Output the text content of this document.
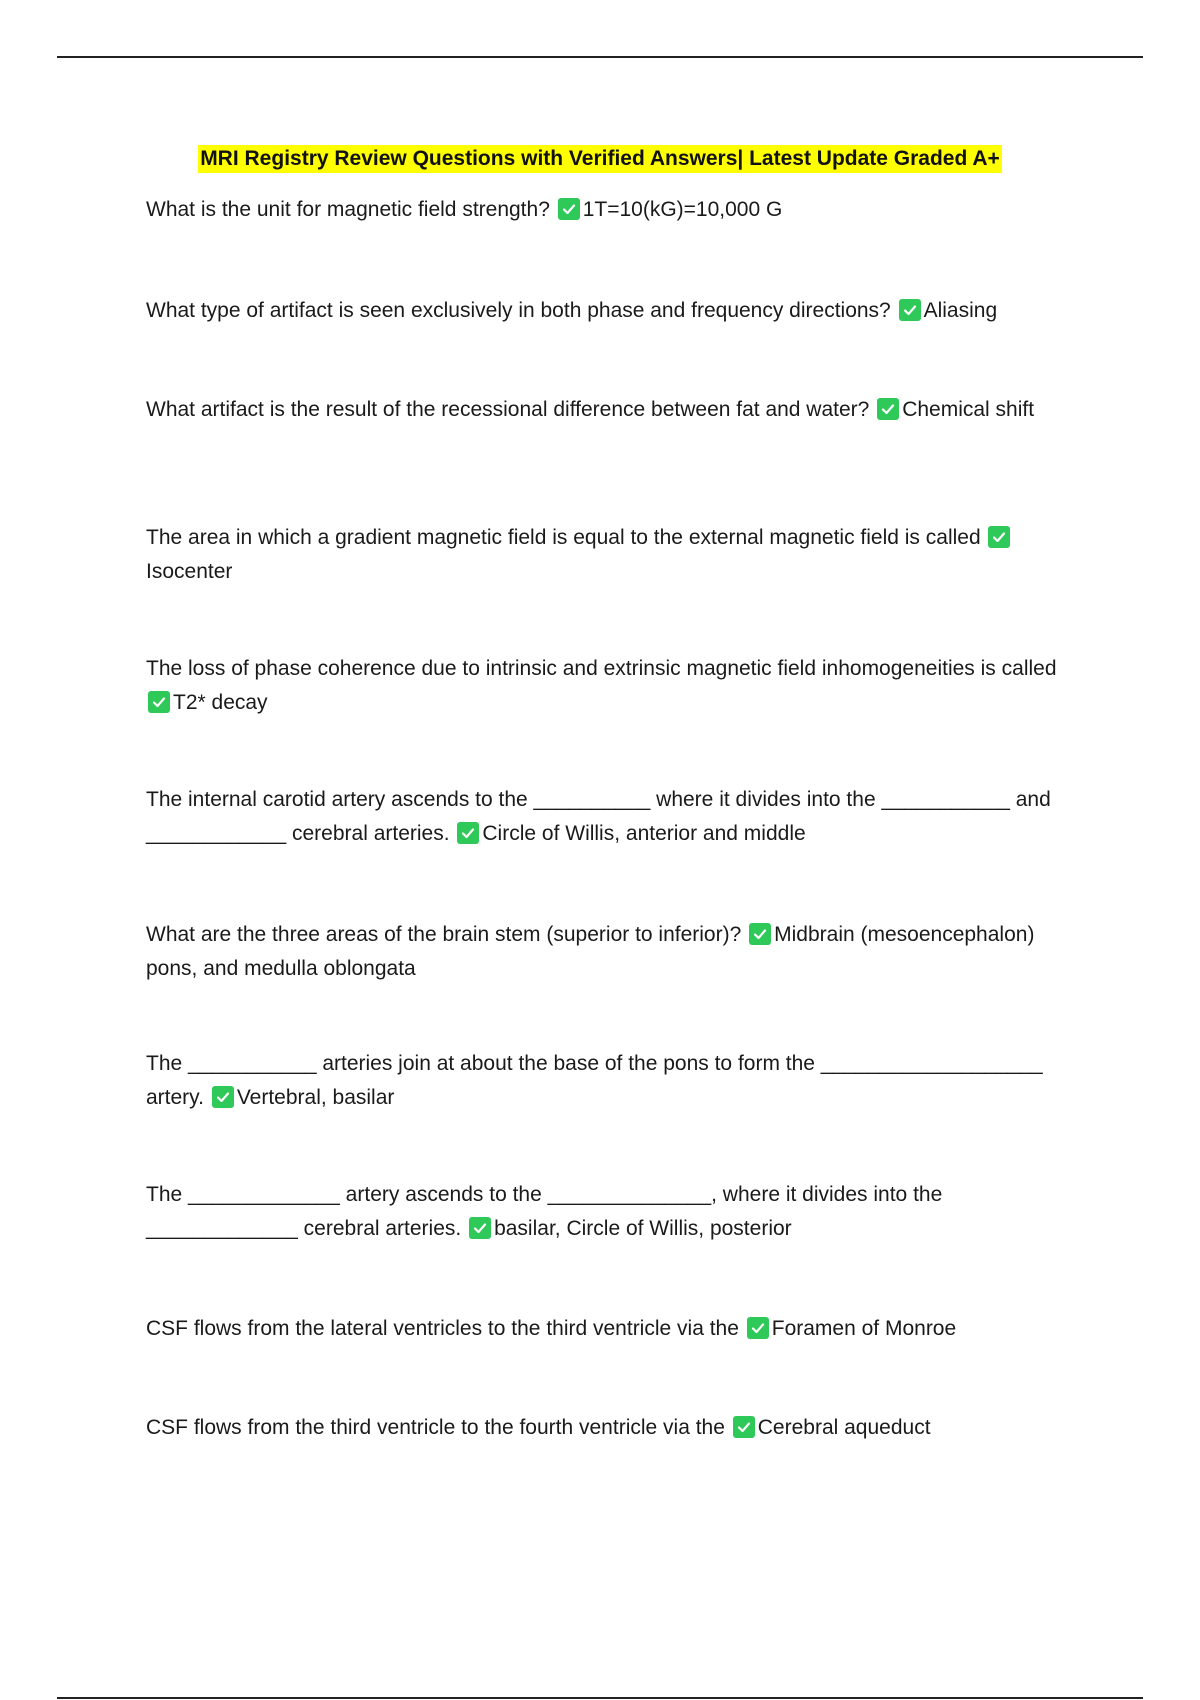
MRI Registry Review Questions with Verified Answers| Latest Update Graded A+
What is the unit for magnetic field strength? 1T=10(kG)=10,000 G
What type of artifact is seen exclusively in both phase and frequency directions? Aliasing
What artifact is the result of the recessional difference between fat and water? Chemical shift
The area in which a gradient magnetic field is equal to the external magnetic field is called
Isocenter
The loss of phase coherence due to intrinsic and extrinsic magnetic field inhomogeneities is called
T2* decay
The internal carotid artery ascends to the __________ where it divides into the ___________ and ____________ cerebral arteries. Circle of Willis, anterior and middle
What are the three areas of the brain stem (superior to inferior)? Midbrain (mesoencephalon) pons, and medulla oblongata
The ___________ arteries join at about the base of the pons to form the ___________________ artery. Vertebral, basilar
The _____________ artery ascends to the ______________, where it divides into the _____________ cerebral arteries. basilar, Circle of Willis, posterior
CSF flows from the lateral ventricles to the third ventricle via the Foramen of Monroe
CSF flows from the third ventricle to the fourth ventricle via the Cerebral aqueduct
